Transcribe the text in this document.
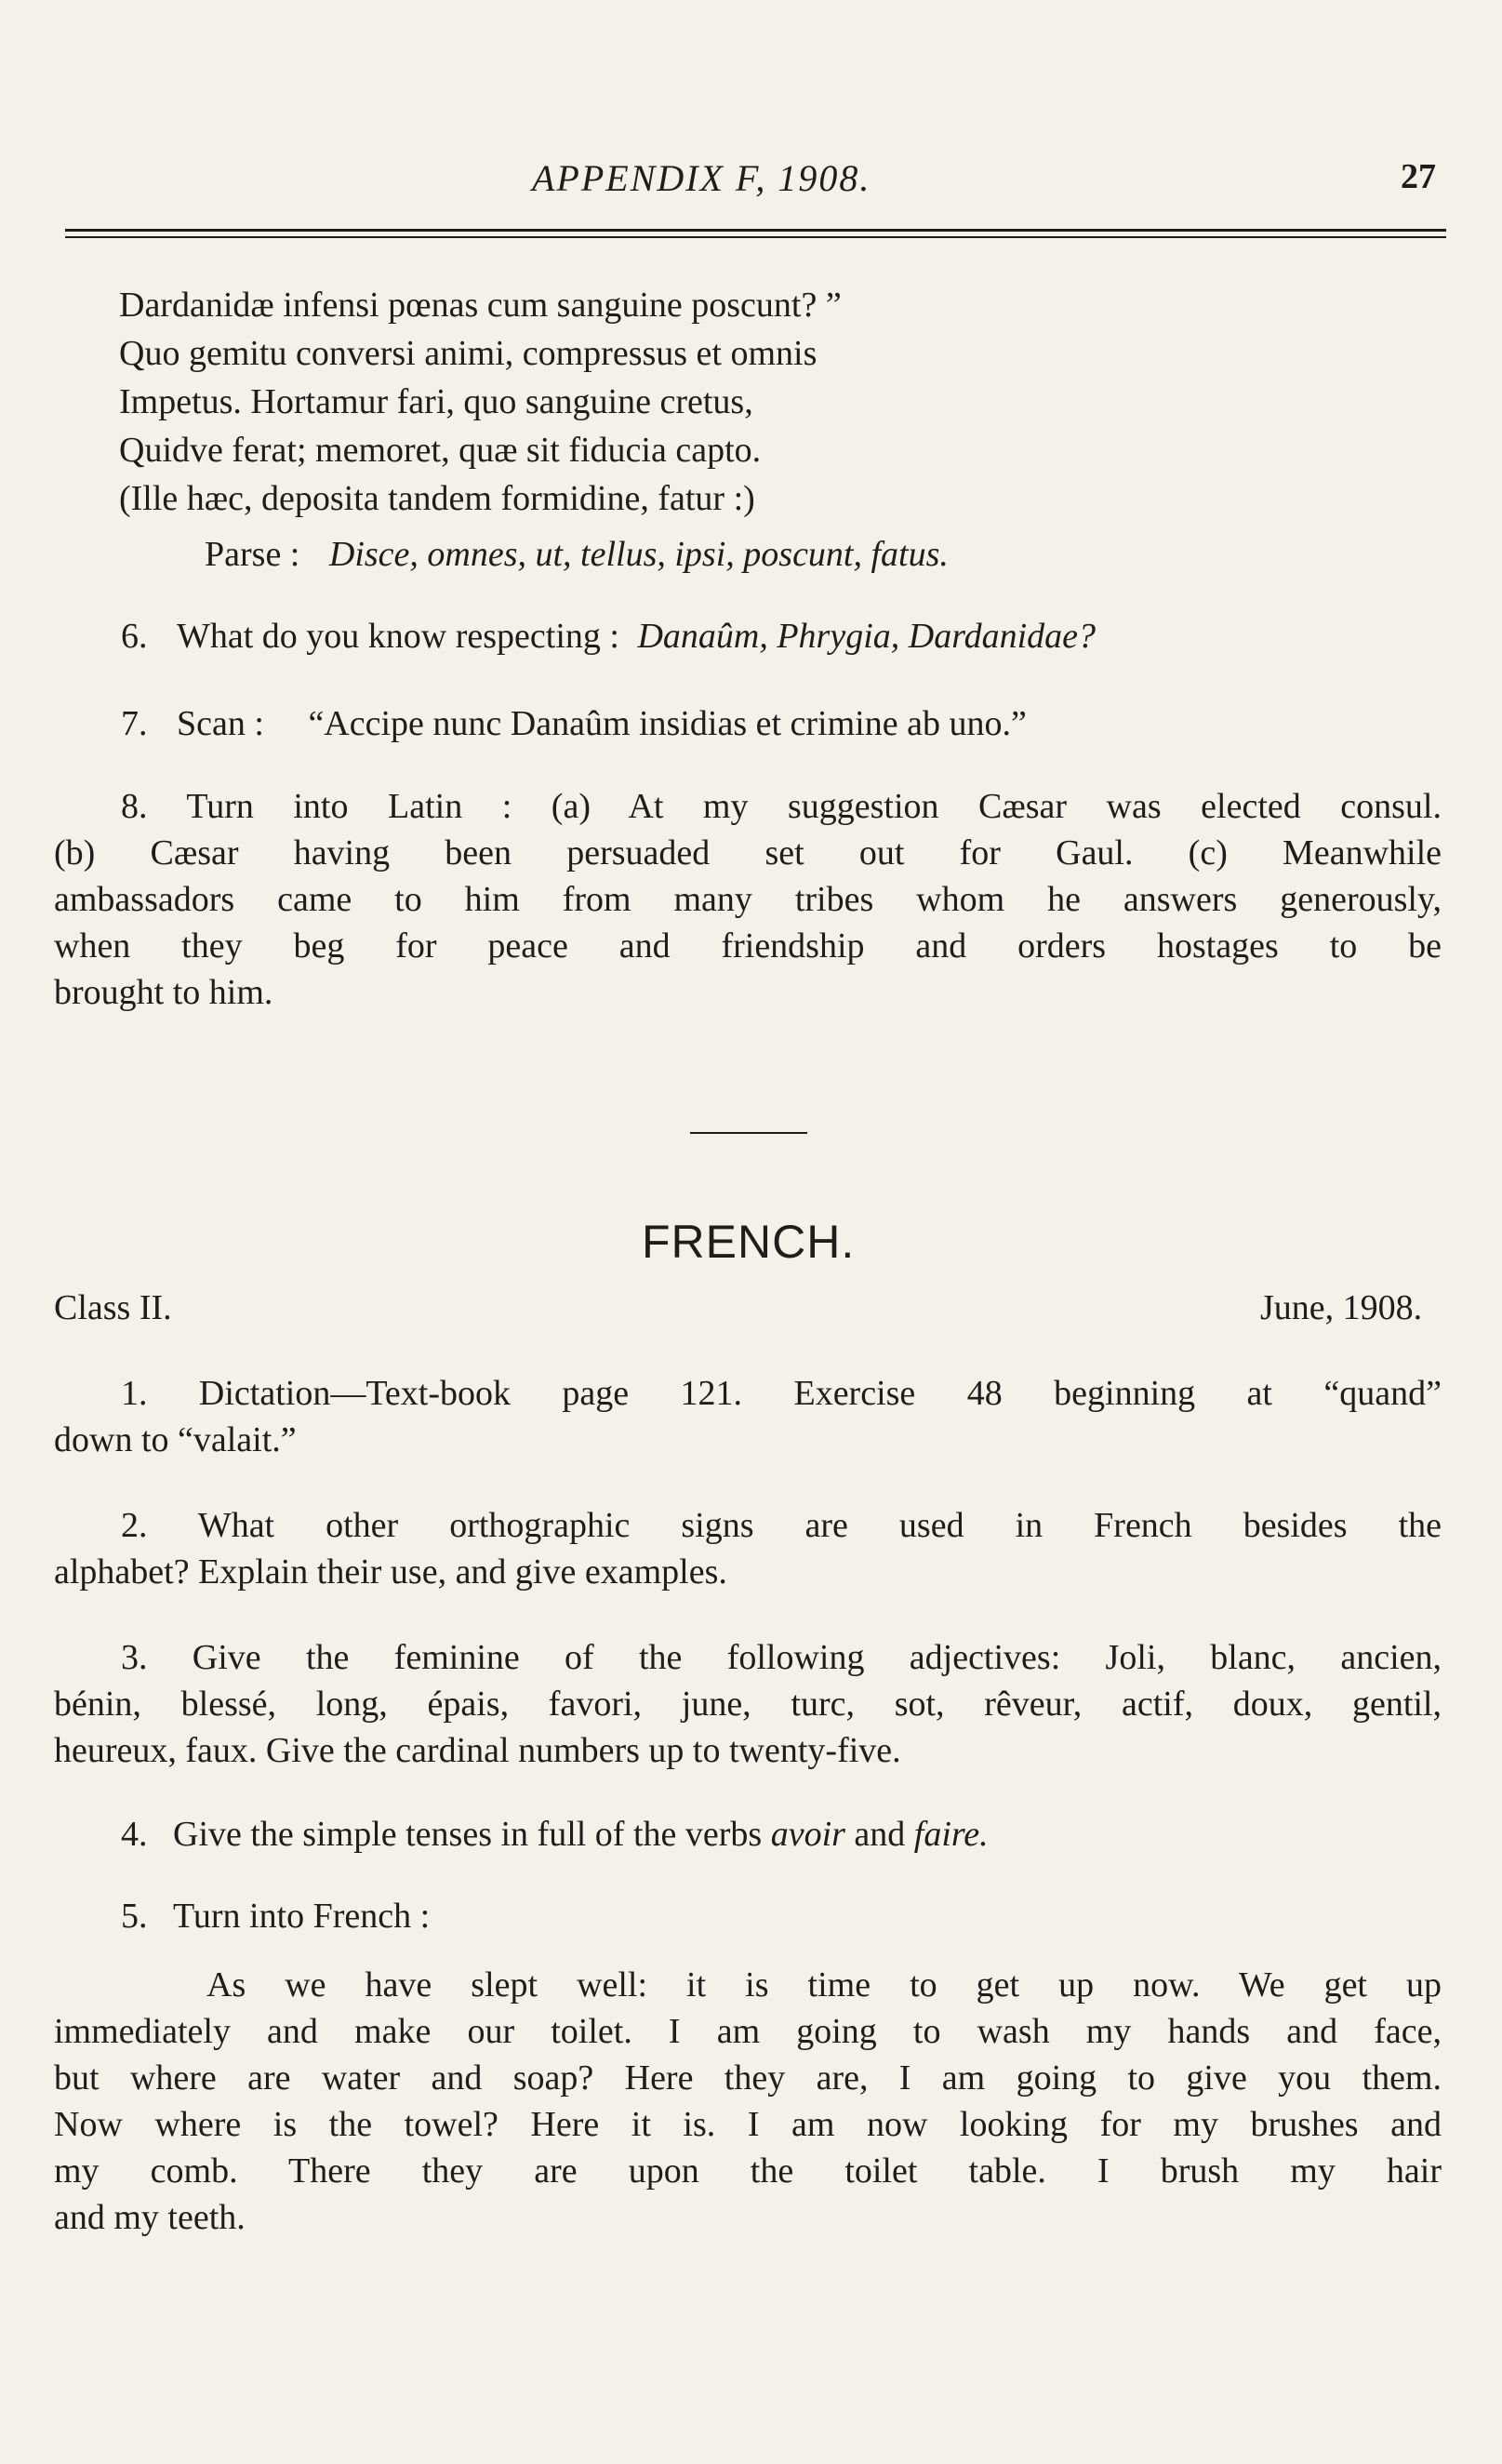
APPENDIX F, 1908.	27
Dardanidæ infensi pœnas cum sanguine poscunt? ”
Quo gemitu conversi animi, compressus et omnis
Impetus. Hortamur fari, quo sanguine cretus,
Quidve ferat; memoret, quæ sit fiducia capto.
(Ille hæc, deposita tandem formidine, fatur :)
Parse : Disce, omnes, ut, tellus, ipsi, poscunt, fatus.
6. What do you know respecting : Danaûm, Phrygia, Dardanidae?
7. Scan : “Accipe nunc Danaûm insidias et crimine ab uno.”
8. Turn into Latin : (a) At my suggestion Cæsar was elected consul.
(b) Cæsar having been persuaded set out for Gaul. (c) Meanwhile
ambassadors came to him from many tribes whom he answers generously,
when they beg for peace and friendship and orders hostages to be
brought to him.
FRENCH.
Class II.	June, 1908.
1. Dictation—Text-book page 121. Exercise 48 beginning at “quand”
down to “valait.”
2. What other orthographic signs are used in French besides the
alphabet? Explain their use, and give examples.
3. Give the feminine of the following adjectives: Joli, blanc, ancien,
bénin, blessé, long, épais, favori, june, turc, sot, rêveur, actif, doux, gentil,
heureux, faux. Give the cardinal numbers up to twenty-five.
4. Give the simple tenses in full of the verbs avoir and faire.
5. Turn into French :
As we have slept well: it is time to get up now. We get up
immediately and make our toilet. I am going to wash my hands and face,
but where are water and soap? Here they are, I am going to give you them.
Now where is the towel? Here it is. I am now looking for my brushes and
my comb. There they are upon the toilet table. I brush my hair
and my teeth.
